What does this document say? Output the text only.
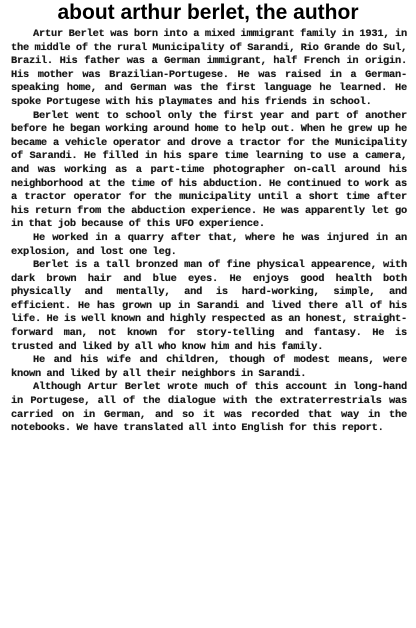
about arthur berlet, the author

Artur Berlet was born into a mixed immigrant family in 1931, in the middle of the rural Municipality of Sarandi, Rio Grande do Sul, Brazil. His father was a German immigrant, half French in origin. His mother was Brazilian-Portugese. He was raised in a German-speaking home, and German was the first language he learned. He spoke Portugese with his playmates and his friends in school.

Berlet went to school only the first year and part of another before he began working around home to help out. When he grew up he became a vehicle operator and drove a tractor for the Municipality of Sarandi. He filled in his spare time learning to use a camera, and was working as a part-time photographer on-call around his neighborhood at the time of his abduction. He continued to work as a tractor operator for the municipality until a short time after his return from the abduction experience. He was apparently let go in that job because of this UFO experience.

He worked in a quarry after that, where he was injured in an explosion, and lost one leg.

Berlet is a tall bronzed man of fine physical appearence, with dark brown hair and blue eyes. He enjoys good health both physically and mentally, and is hard-working, simple, and efficient. He has grown up in Sarandi and lived there all of his life. He is well known and highly respected as an honest, straight-forward man, not known for story-telling and fantasy. He is trusted and liked by all who know him and his family.

He and his wife and children, though of modest means, were known and liked by all their neighbors in Sarandi.

Although Artur Berlet wrote much of this account in long-hand in Portugese, all of the dialogue with the extraterrestrials was carried on in German, and so it was recorded that way in the notebooks. We have translated all into English for this report.
